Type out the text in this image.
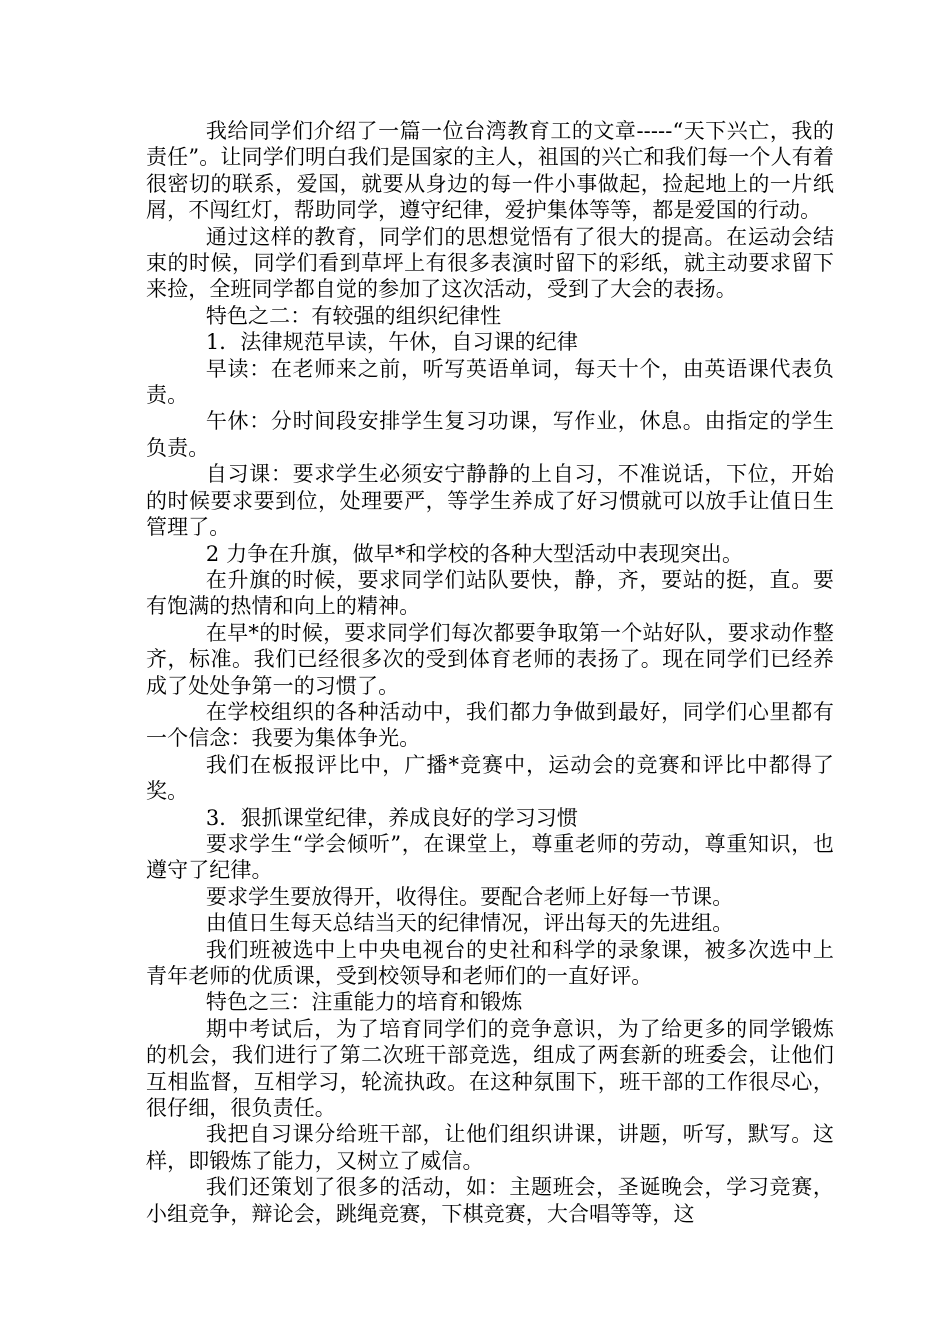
我给同学们介绍了一篇一位台湾教育工的文章-----“天下兴亡，我的责任”。让同学们明白我们是国家的主人，祖国的兴亡和我们每一个人有着很密切的联系，爱国，就要从身边的每一件小事做起，捡起地上的一片纸屑，不闯红灯，帮助同学，遵守纪律，爱护集体等等，都是爱国的行动。

通过这样的教育，同学们的思想觉悟有了很大的提高。在运动会结束的时候，同学们看到草坪上有很多表演时留下的彩纸，就主动要求留下来捡，全班同学都自觉的参加了这次活动，受到了大会的表扬。

特色之二：有较强的组织纪律性

1．法律规范早读，午休，自习课的纪律

早读：在老师来之前，听写英语单词，每天十个，由英语课代表负责。

午休：分时间段安排学生复习功课，写作业，休息。由指定的学生负责。

自习课：要求学生必须安宁静静的上自习，不准说话，下位，开始的时候要求要到位，处理要严，等学生养成了好习惯就可以放手让值日生管理了。

2 力争在升旗，做早*和学校的各种大型活动中表现突出。

在升旗的时候，要求同学们站队要快，静，齐，要站的挺，直。要有饱满的热情和向上的精神。

在早*的时候，要求同学们每次都要争取第一个站好队，要求动作整齐，标准。我们已经很多次的受到体育老师的表扬了。现在同学们已经养成了处处争第一的习惯了。

在学校组织的各种活动中，我们都力争做到最好，同学们心里都有一个信念：我要为集体争光。

我们在板报评比中，广播*竞赛中，运动会的竞赛和评比中都得了奖。

3．狠抓课堂纪律，养成良好的学习习惯

要求学生“学会倾听”，在课堂上，尊重老师的劳动，尊重知识，也遵守了纪律。

要求学生要放得开，收得住。要配合老师上好每一节课。

由值日生每天总结当天的纪律情况，评出每天的先进组。

我们班被选中上中央电视台的史社和科学的录象课，被多次选中上青年老师的优质课，受到校领导和老师们的一直好评。

特色之三：注重能力的培育和锻炼

期中考试后，为了培育同学们的竞争意识，为了给更多的同学锻炼的机会，我们进行了第二次班干部竞选，组成了两套新的班委会，让他们互相监督，互相学习，轮流执政。在这种氛围下，班干部的工作很尽心，很仔细，很负责任。

我把自习课分给班干部，让他们组织讲课，讲题，听写，默写。这样，即锻炼了能力，又树立了威信。

我们还策划了很多的活动，如：主题班会，圣诞晚会，学习竞赛，小组竞争，辩论会，跳绳竞赛，下棋竞赛，大合唱等等，这
